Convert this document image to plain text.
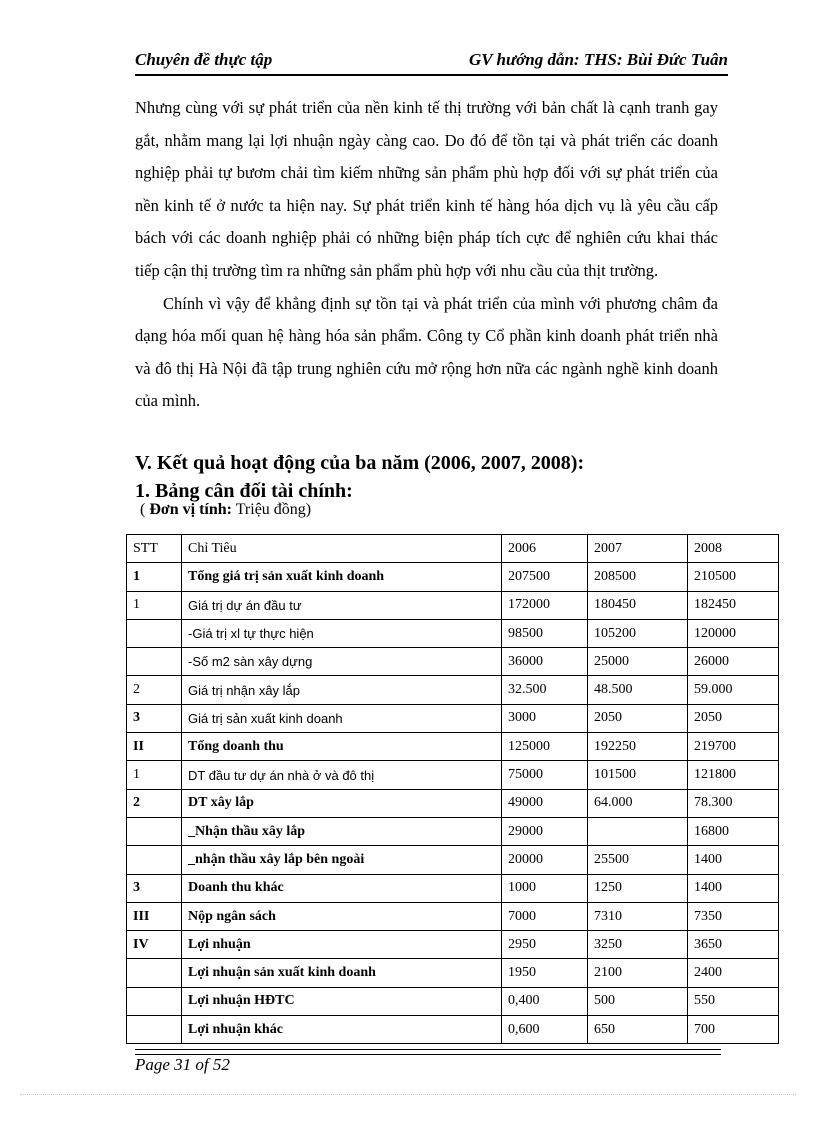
Chuyên đề thực tập	GV hướng dẫn: THS: Bùi Đức Tuân

Nhưng cùng với sự phát triển của nền kinh tế thị trường với bản chất là cạnh tranh gay gắt, nhằm mang lại lợi nhuận ngày càng cao. Do đó để tồn tại và phát triển các doanh nghiệp phải tự bươm chải tìm kiếm những sản phẩm phù hợp đối với sự phát triển của nền kinh tế ở nước ta hiện nay. Sự phát triển kinh tế hàng hóa dịch vụ là yêu cầu cấp bách với các doanh nghiệp phải có những biện pháp tích cực để nghiên cứu khai thác tiếp cận thị trường tìm ra những sản phẩm phù hợp với nhu cầu của thịt trường.

Chính vì vậy để khẳng định sự tồn tại và phát triển của mình với phương châm đa dạng hóa mối quan hệ hàng hóa sản phẩm. Công ty Cổ phần kinh doanh phát triển nhà và đô thị Hà Nội đã tập trung nghiên cứu mở rộng hơn nữa các ngành nghề kinh doanh của mình.

V. Kết quả hoạt động của ba năm (2006, 2007, 2008):
1. Bảng cân đối tài chính:
( Đơn vị tính: Triệu đồng)
STT	Chỉ Tiêu	2006	2007	2008
1	Tổng giá trị sản xuất kinh doanh	207500	208500	210500
1	Giá trị dự án đầu tư	172000	180450	182450
	-Giá trị xl tự thực hiện	98500	105200	120000
	-Số m2 sàn xây dựng	36000	25000	26000
2	Giá trị nhận xây lắp	32.500	48.500	59.000
3	Giá trị sản xuất kinh doanh	3000	2050	2050
II	Tổng doanh thu	125000	192250	219700
1	DT đầu tư dự án nhà ở và đô thị	75000	101500	121800
2	DT xây lắp	49000	64.000	78.300
	_Nhận thầu xây lắp	29000		16800
	_nhận thầu xây lắp bên ngoài	20000	25500	1400
3	Doanh thu khác	1000	1250	1400
III	Nộp ngân sách	7000	7310	7350
IV	Lợi nhuận	2950	3250	3650
	Lợi nhuận sản xuất kinh doanh	1950	2100	2400
	Lợi nhuận HĐTC	0,400	500	550
	Lợi nhuận khác	0,600	650	700
Page 31 of 52
